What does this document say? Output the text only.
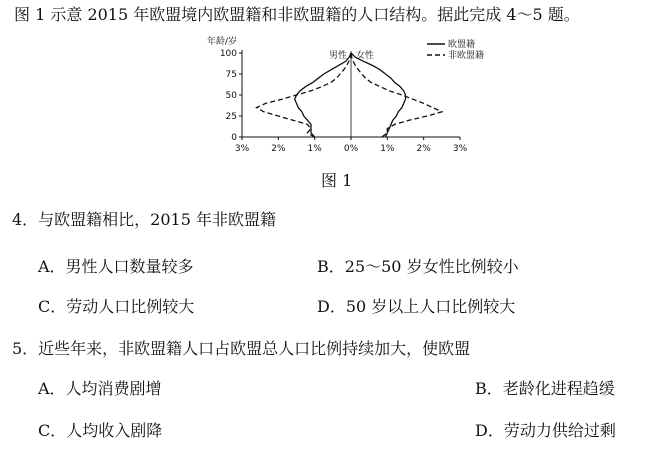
图 1 示意 2015 年欧盟境内欧盟籍和非欧盟籍的人口结构。据此完成 4～5 题。
年龄/岁
0
25
50
75
100
3% 2% 1% 0% 1% 2% 3%
男性 女性
欧盟籍
非欧盟籍
图 1
4．与欧盟籍相比，2015 年非欧盟籍
A．男性人口数量较多	B．25～50 岁女性比例较小
C．劳动人口比例较大	D．50 岁以上人口比例较大
5．近些年来，非欧盟籍人口占欧盟总人口比例持续加大，使欧盟
A．人均消费剧增	B．老龄化进程趋缓
C．人均收入剧降	D．劳动力供给过剩
